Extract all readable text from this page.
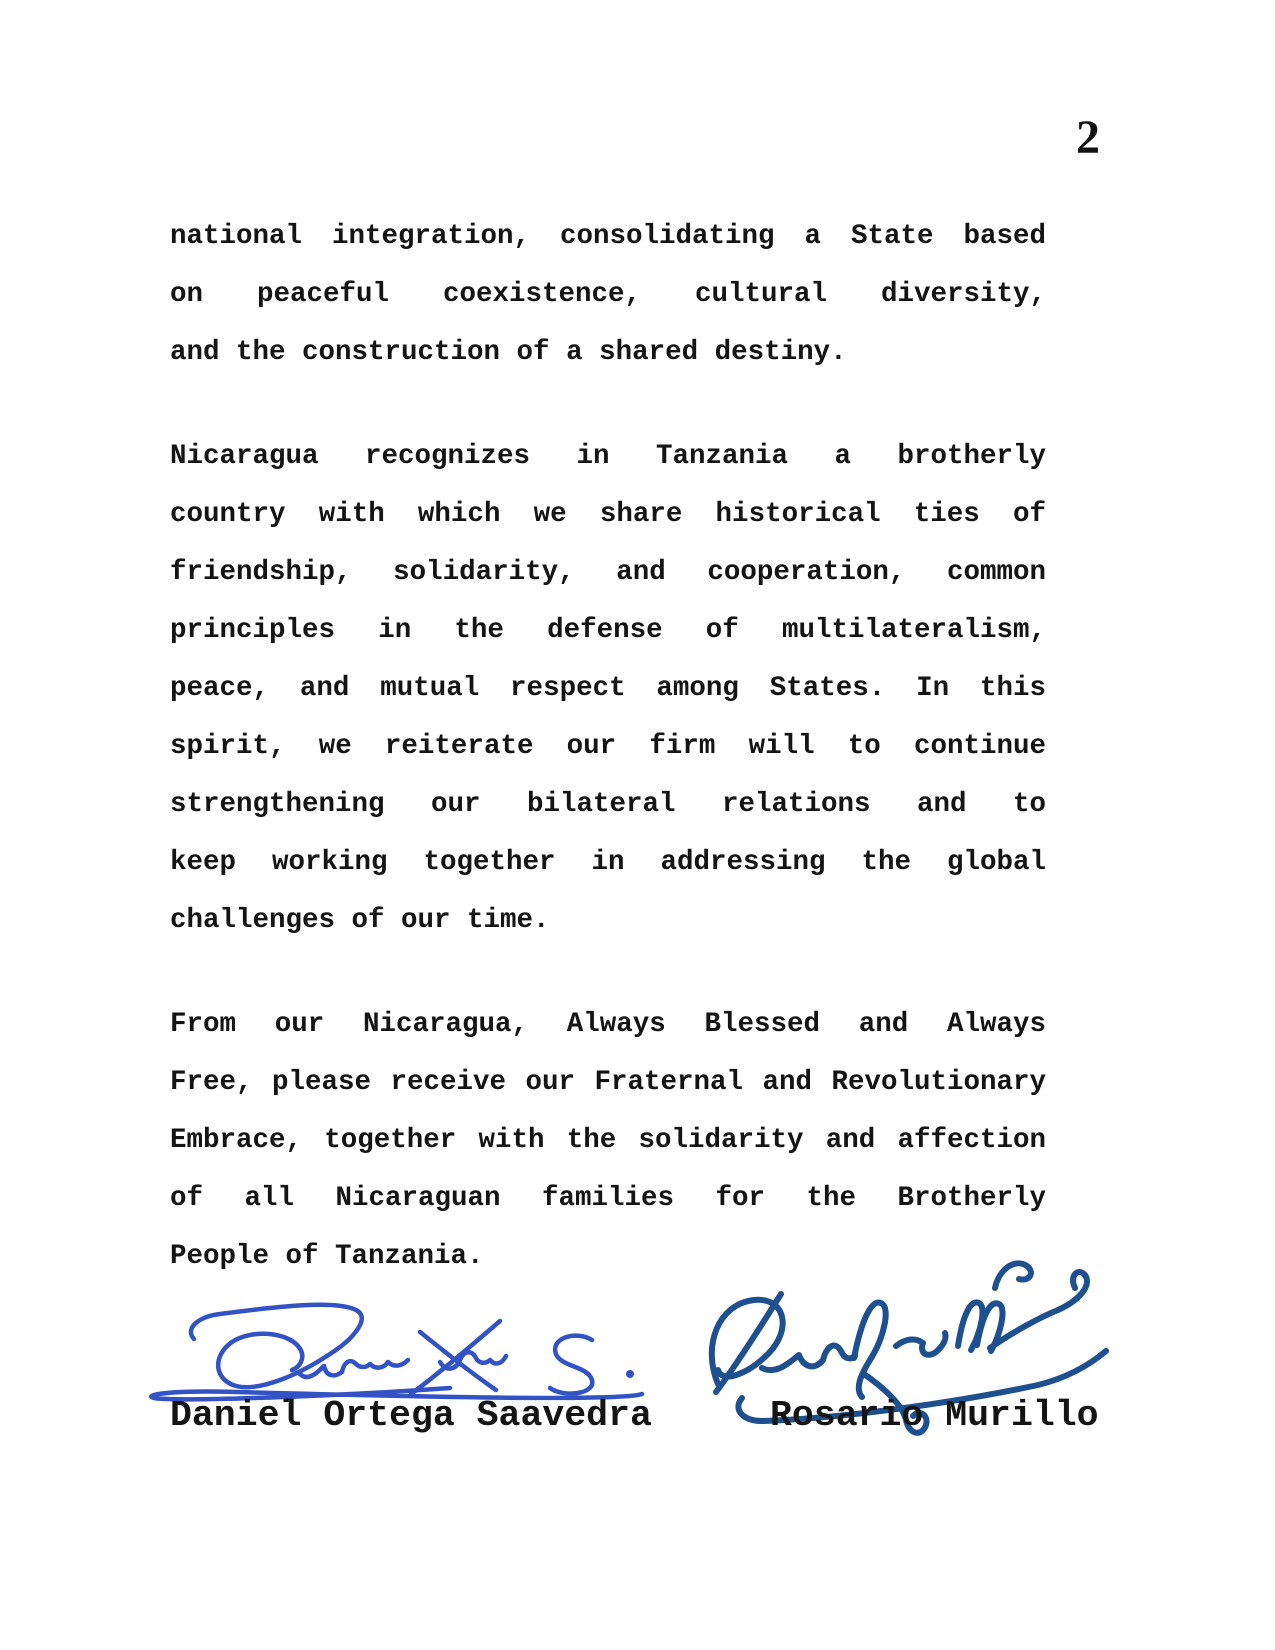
2
national integration, consolidating a State based
on peaceful coexistence, cultural diversity,
and the construction of a shared destiny.
Nicaragua recognizes in Tanzania a brotherly
country with which we share historical ties of
friendship, solidarity, and cooperation, common
principles in the defense of multilateralism,
peace, and mutual respect among States. In this
spirit, we reiterate our firm will to continue
strengthening our bilateral relations and to
keep working together in addressing the global
challenges of our time.
From our Nicaragua, Always Blessed and Always
Free, please receive our Fraternal and Revolutionary
Embrace, together with the solidarity and affection
of all Nicaraguan families for the Brotherly
People of Tanzania.
Daniel Ortega Saavedra	Rosario Murillo
